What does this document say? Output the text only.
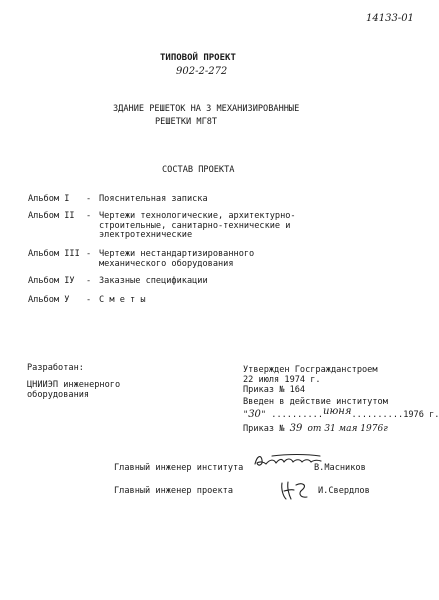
14133-01
ТИПОВОЙ ПРОЕКТ
902-2-272
ЗДАНИЕ РЕШЕТОК НА 3 МЕХАНИЗИРОВАННЫЕ
РЕШЕТКИ МГ8Т
СОСТАВ ПРОЕКТА
Альбом I - Пояснительная записка
Альбом II - Чертежи технологические, архитектурно-
строительные, санитарно-технические и
электротехнические
Альбом III - Чертежи нестандартизированного
механического оборудования
Альбом IУ - Заказные спецификации
Альбом У - С м е т ы
Разработан:
ЦНИИЭП инженерного
оборудования
Утвержден Госгражданстроем
22 июля 1974 г.
Приказ № 164
Введен в действие институтом
"30" ..........июня..........1976 г.
Приказ № 39 от 31 мая 1976г
Главный инженер института	В.Масников
Главный инженер проекта	И.Свердлов
